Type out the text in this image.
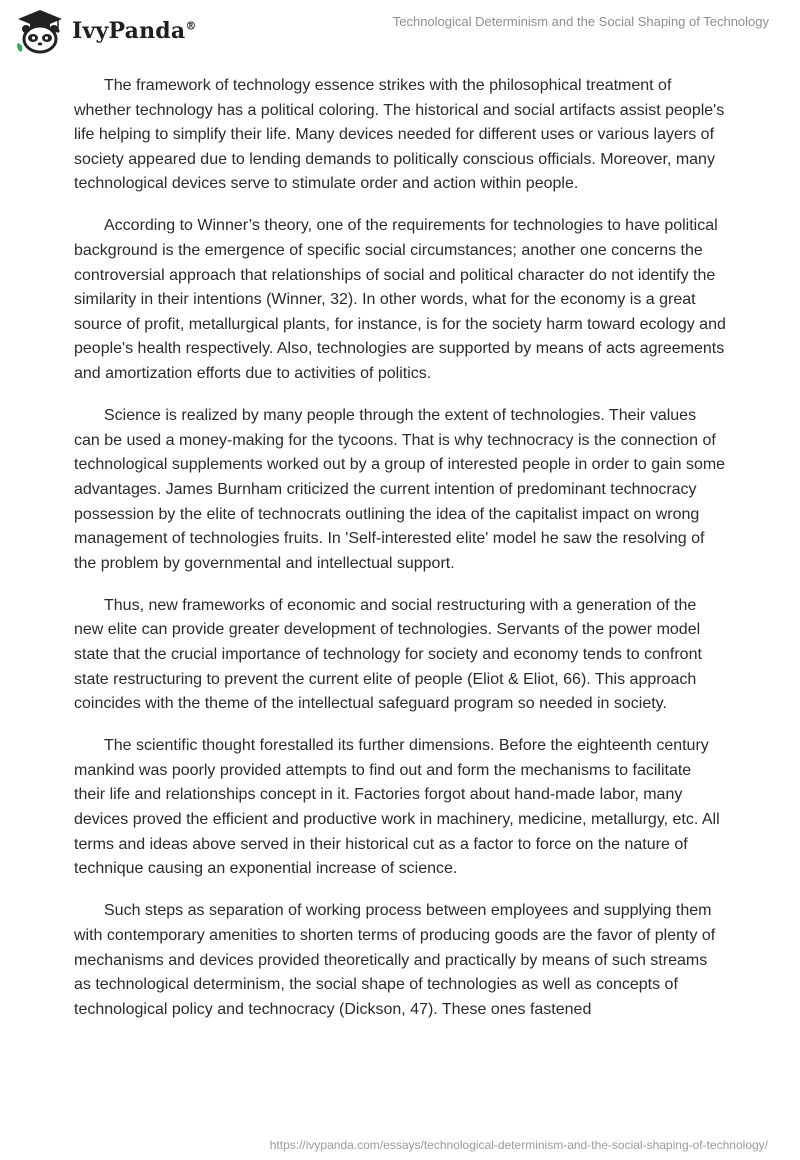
IvyPanda®	Technological Determinism and the Social Shaping of Technology

The framework of technology essence strikes with the philosophical treatment of whether technology has a political coloring. The historical and social artifacts assist people's life helping to simplify their life. Many devices needed for different uses or various layers of society appeared due to lending demands to politically conscious officials. Moreover, many technological devices serve to stimulate order and action within people.

According to Winner’s theory, one of the requirements for technologies to have political background is the emergence of specific social circumstances; another one concerns the controversial approach that relationships of social and political character do not identify the similarity in their intentions (Winner, 32). In other words, what for the economy is a great source of profit, metallurgical plants, for instance, is for the society harm toward ecology and people's health respectively. Also, technologies are supported by means of acts agreements and amortization efforts due to activities of politics.

Science is realized by many people through the extent of technologies. Their values can be used a money-making for the tycoons. That is why technocracy is the connection of technological supplements worked out by a group of interested people in order to gain some advantages. James Burnham criticized the current intention of predominant technocracy possession by the elite of technocrats outlining the idea of the capitalist impact on wrong management of technologies fruits. In 'Self-interested elite' model he saw the resolving of the problem by governmental and intellectual support.

Thus, new frameworks of economic and social restructuring with a generation of the new elite can provide greater development of technologies. Servants of the power model state that the crucial importance of technology for society and economy tends to confront state restructuring to prevent the current elite of people (Eliot & Eliot, 66). This approach coincides with the theme of the intellectual safeguard program so needed in society.

The scientific thought forestalled its further dimensions. Before the eighteenth century mankind was poorly provided attempts to find out and form the mechanisms to facilitate their life and relationships concept in it. Factories forgot about hand-made labor, many devices proved the efficient and productive work in machinery, medicine, metallurgy, etc. All terms and ideas above served in their historical cut as a factor to force on the nature of technique causing an exponential increase of science.

Such steps as separation of working process between employees and supplying them with contemporary amenities to shorten terms of producing goods are the favor of plenty of mechanisms and devices provided theoretically and practically by means of such streams as technological determinism, the social shape of technologies as well as concepts of technological policy and technocracy (Dickson, 47). These ones fastened

https://ivypanda.com/essays/technological-determinism-and-the-social-shaping-of-technology/
